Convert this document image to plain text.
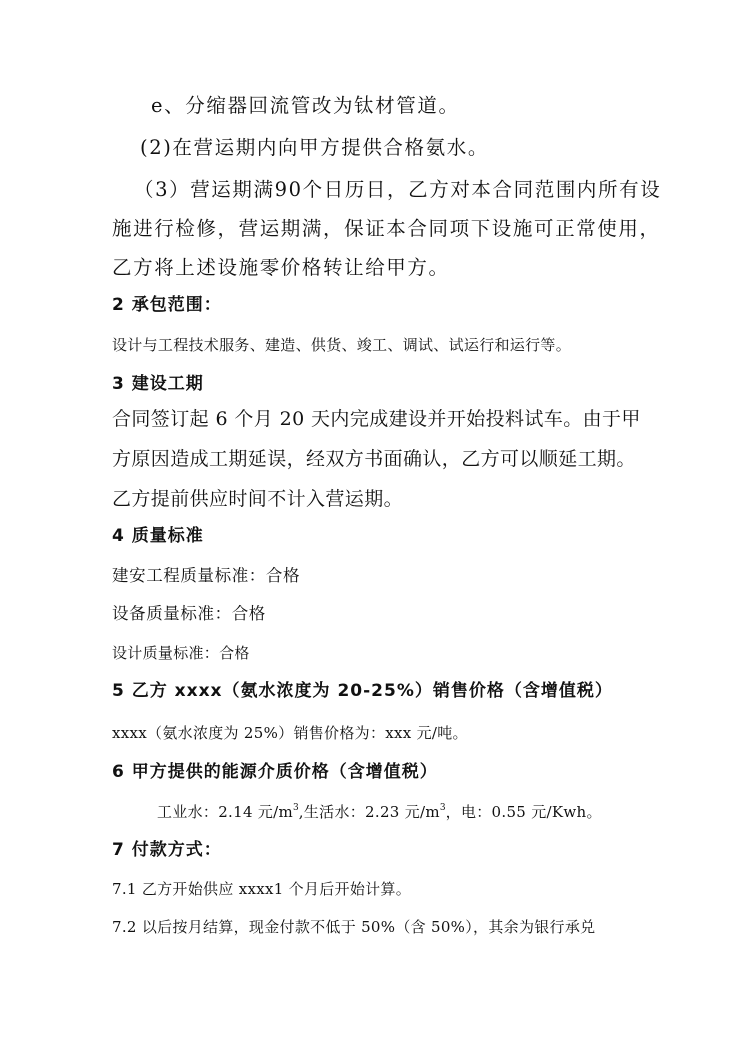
e、分缩器回流管改为钛材管道。
(2)在营运期内向甲方提供合格氨水。
（3）营运期满90个日历日，乙方对本合同范围内所有设
施进行检修，营运期满，保证本合同项下设施可正常使用，
乙方将上述设施零价格转让给甲方。
2 承包范围：
设计与工程技术服务、建造、供货、竣工、调试、试运行和运行等。
3 建设工期
合同签订起 6 个月 20 天内完成建设并开始投料试车。由于甲
方原因造成工期延误，经双方书面确认，乙方可以顺延工期。
乙方提前供应时间不计入营运期。
4 质量标准
建安工程质量标准：合格
设备质量标准：合格
设计质量标准：合格
5 乙方 xxxx（氨水浓度为 20-25%）销售价格（含增值税）
xxxx（氨水浓度为 25%）销售价格为：xxx 元/吨。
6 甲方提供的能源介质价格（含增值税）
工业水：2.14 元$/m^3$,生活水：2.23 元$/m^3$，电：0.55 元/Kwh。
7 付款方式：
7.1 乙方开始供应 xxxx1 个月后开始计算。
7.2 以后按月结算，现金付款不低于 50%（含 50%），其余为银行承兑
